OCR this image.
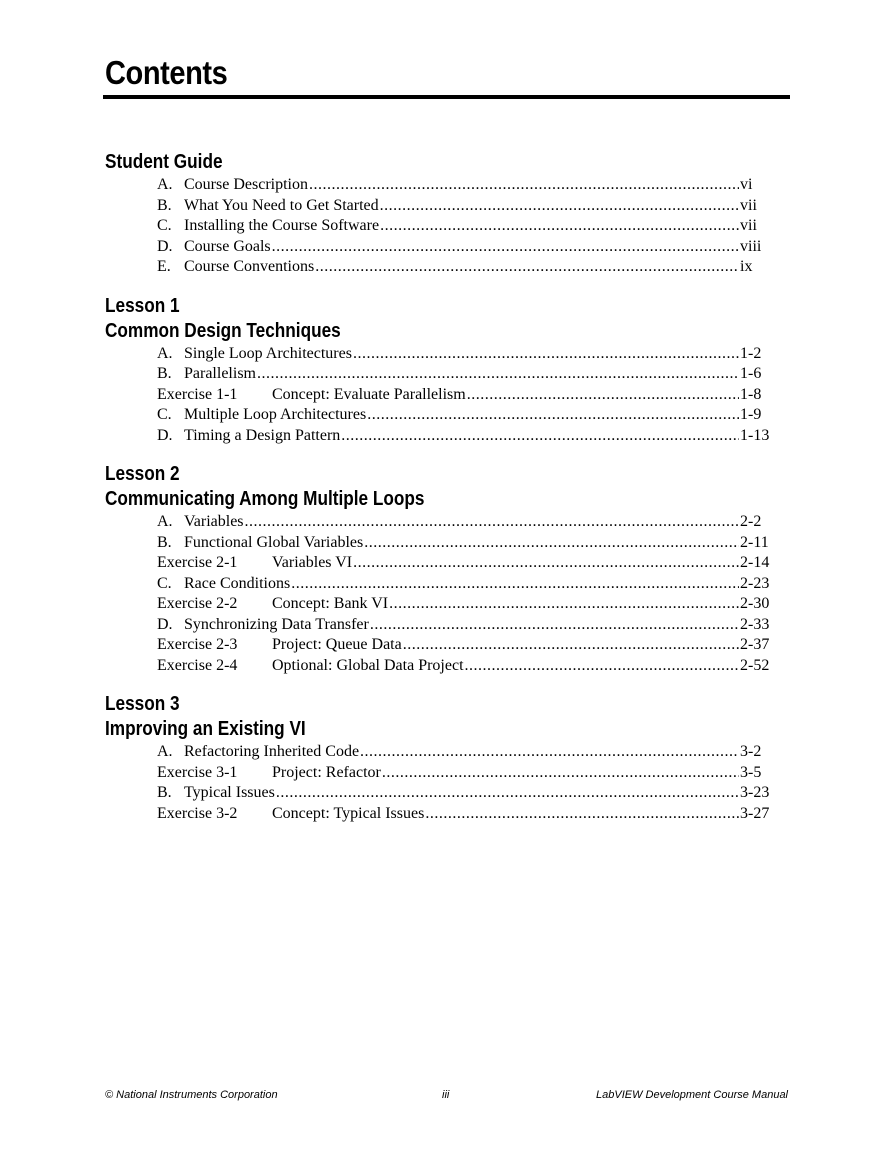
Contents
Student Guide
A. Course Description .....	vi
B. What You Need to Get Started .....	vii
C. Installing the Course Software .....	vii
D. Course Goals .....	viii
E. Course Conventions .....	ix
Lesson 1
Common Design Techniques
A. Single Loop Architectures .....	1-2
B. Parallelism .....	1-6
Exercise 1-1 Concept: Evaluate Parallelism .....	1-8
C. Multiple Loop Architectures .....	1-9
D. Timing a Design Pattern .....	1-13
Lesson 2
Communicating Among Multiple Loops
A. Variables .....	2-2
B. Functional Global Variables .....	2-11
Exercise 2-1 Variables VI .....	2-14
C. Race Conditions .....	2-23
Exercise 2-2 Concept: Bank VI .....	2-30
D. Synchronizing Data Transfer .....	2-33
Exercise 2-3 Project: Queue Data .....	2-37
Exercise 2-4 Optional: Global Data Project .....	2-52
Lesson 3
Improving an Existing VI
A. Refactoring Inherited Code .....	3-2
Exercise 3-1 Project: Refactor .....	3-5
B. Typical Issues .....	3-23
Exercise 3-2 Concept: Typical Issues .....	3-27
© National Instruments Corporation	iii	LabVIEW Development Course Manual
